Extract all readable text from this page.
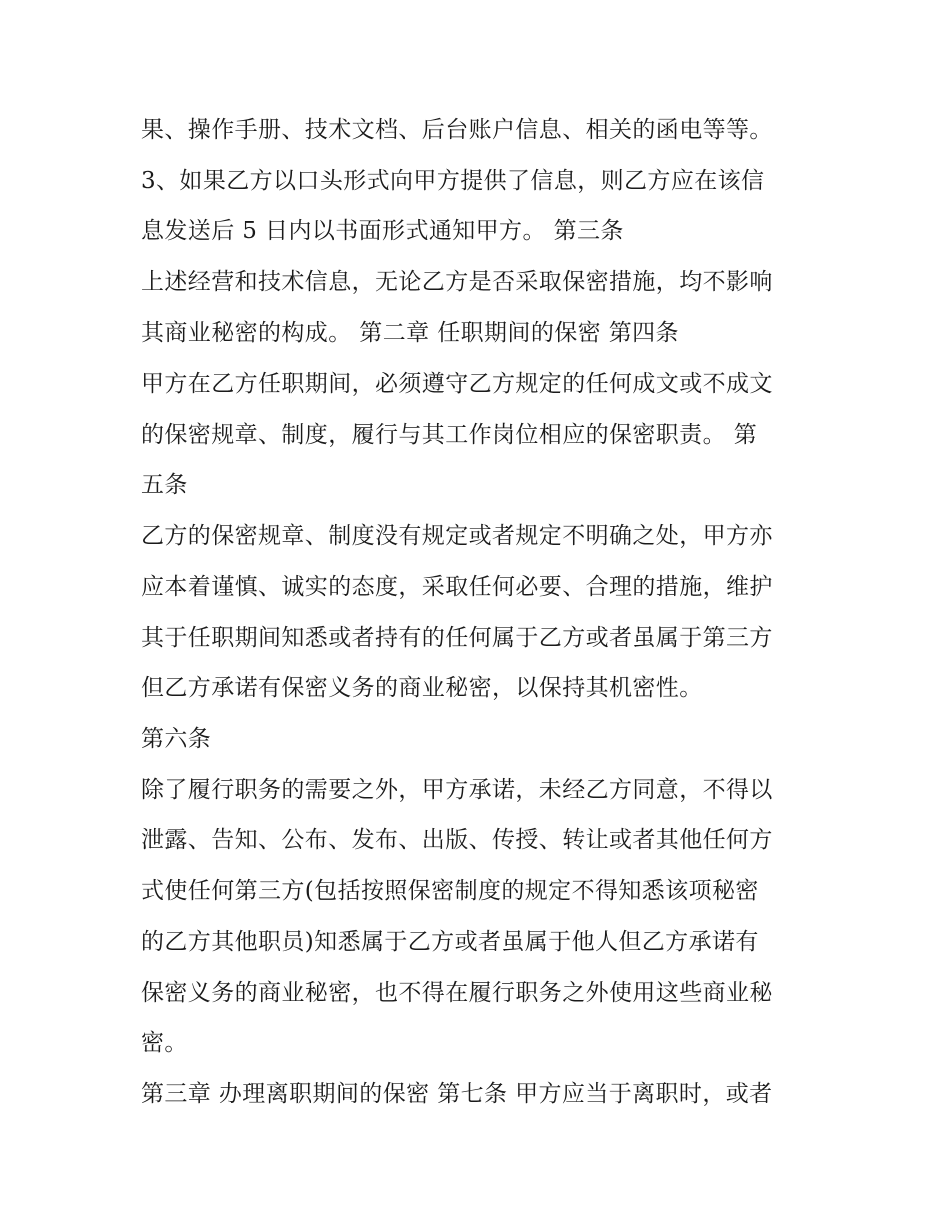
果、操作手册、技术文档、后台账户信息、相关的函电等等。
3、如果乙方以口头形式向甲方提供了信息，则乙方应在该信
息发送后 5 日内以书面形式通知甲方。 第三条
上述经营和技术信息，无论乙方是否采取保密措施，均不影响
其商业秘密的构成。 第二章 任职期间的保密 第四条
甲方在乙方任职期间，必须遵守乙方规定的任何成文或不成文
的保密规章、制度，履行与其工作岗位相应的保密职责。 第
五条
乙方的保密规章、制度没有规定或者规定不明确之处，甲方亦
应本着谨慎、诚实的态度，采取任何必要、合理的措施，维护
其于任职期间知悉或者持有的任何属于乙方或者虽属于第三方
但乙方承诺有保密义务的商业秘密，以保持其机密性。
第六条
除了履行职务的需要之外，甲方承诺，未经乙方同意，不得以
泄露、告知、公布、发布、出版、传授、转让或者其他任何方
式使任何第三方(包括按照保密制度的规定不得知悉该项秘密
的乙方其他职员)知悉属于乙方或者虽属于他人但乙方承诺有
保密义务的商业秘密，也不得在履行职务之外使用这些商业秘
密。
第三章 办理离职期间的保密 第七条 甲方应当于离职时，或者
